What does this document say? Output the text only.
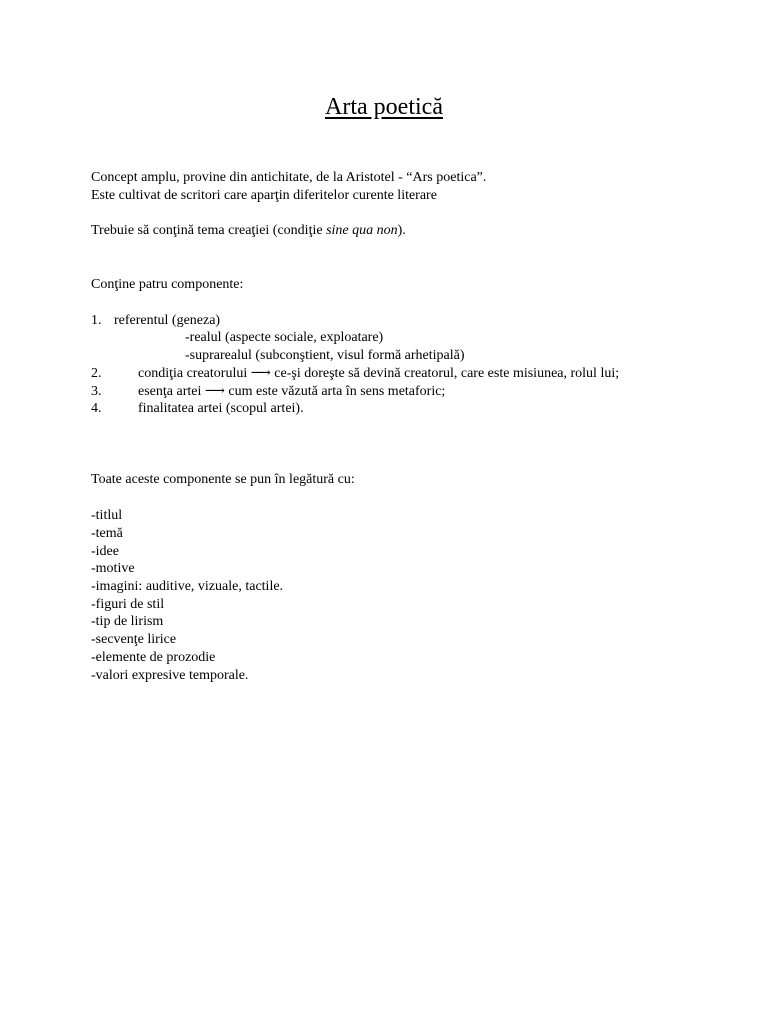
Arta poetică
Concept amplu, provine din antichitate, de la Aristotel - “Ars poetica”.
Este cultivat de scritori care aparţin diferitelor curente literare
Trebuie să conţină tema creaţiei (condiţie sine qua non).
Conţine patru componente:
1. referentul (geneza)
-realul (aspecte sociale, exploatare)
-suprarealul (subconştient, visul formă arhetipală)
2.	condiţia creatorului ⟶ ce-şi doreşte să devină creatorul, care este misiunea, rolul lui;
3.	esenţa artei ⟶ cum este văzută arta în sens metaforic;
4.	finalitatea artei (scopul artei).
Toate aceste componente se pun în legătură cu:
-titlul
-temă
-idee
-motive
-imagini: auditive, vizuale, tactile.
-figuri de stil
-tip de lirism
-secvenţe lirice
-elemente de prozodie
-valori expresive temporale.
